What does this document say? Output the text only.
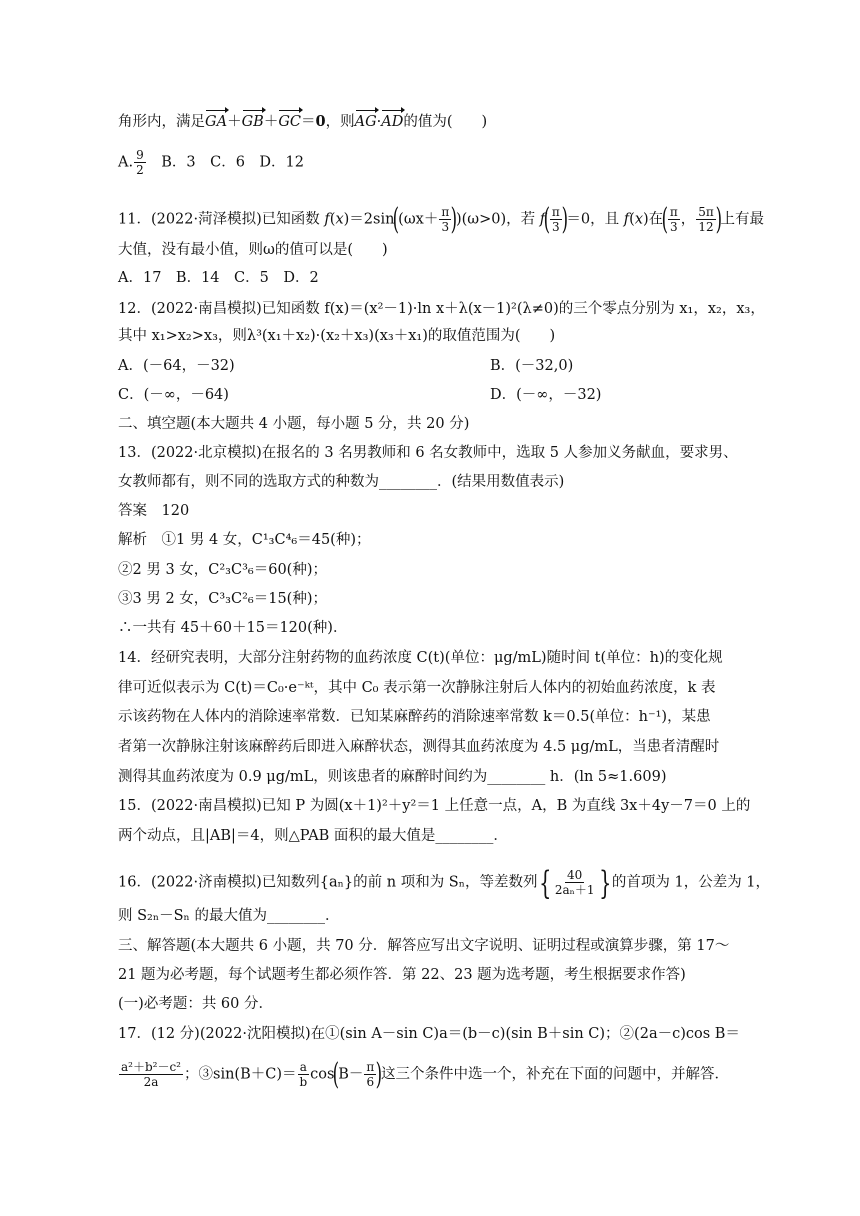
角形内，满足GA＋GB＋GC＝0，则AG·AD的值为(　　)
A. $\frac{9}{2}$ 　B．3　C．6　D．12
11．(2022·菏泽模拟)已知函数 $f(x)=2\sin((\omega x+ \frac{\pi}{3} ))(\omega>0)$，若 $f( \frac{\pi}{3} )=0$，且 f(x)在( $\frac{\pi}{3}$ ， $\frac{5\pi}{12}$ )上有最
大值，没有最小值，则ω的值可以是(　　)
A．17　B．14　C．5　D．2
12．(2022·南昌模拟)已知函数 f(x)＝(x²－1)·ln x＋λ(x－1)²(λ≠0)的三个零点分别为 x₁，x₂，x₃，
其中 x₁>x₂>x₃，则λ³(x₁＋x₂)·(x₂＋x₃)(x₃＋x₁)的取值范围为(　　)
A．(－64，－32)	B．(－32,0)
C．(－∞，－64)	D．(－∞，－32)
二、填空题(本大题共 4 小题，每小题 5 分，共 20 分)
13．(2022·北京模拟)在报名的 3 名男教师和 6 名女教师中，选取 5 人参加义务献血，要求男、
女教师都有，则不同的选取方式的种数为________．(结果用数值表示)
答案　120
解析　①1 男 4 女，C¹₃C⁴₆＝45(种)；
②2 男 3 女，C²₃C³₆＝60(种)；
③3 男 2 女，C³₃C²₆＝15(种)；
∴一共有 45＋60＋15＝120(种)．
14．经研究表明，大部分注射药物的血药浓度 C(t)(单位：μg/mL)随时间 t(单位：h)的变化规
律可近似表示为 C(t)＝C₀·e⁻ᵏᵗ，其中 C₀ 表示第一次静脉注射后人体内的初始血药浓度，k 表
示该药物在人体内的消除速率常数．已知某麻醉药的消除速率常数 k＝0.5(单位：h⁻¹)，某患
者第一次静脉注射该麻醉药后即进入麻醉状态，测得其血药浓度为 4.5 μg/mL，当患者清醒时
测得其血药浓度为 0.9 μg/mL，则该患者的麻醉时间约为________ h．(ln 5≈1.609)
15．(2022·南昌模拟)已知 P 为圆(x＋1)²＋y²＝1 上任意一点，A，B 为直线 3x＋4y－7＝0 上的
两个动点，且|AB|＝4，则△PAB 面积的最大值是________．
16．(2022·济南模拟)已知数列{aₙ}的前 n 项和为 Sₙ，等差数列{ $\frac{40}{\text{2aₙ＋1}}$ }的首项为 1，公差为 1，
则 S₂ₙ－Sₙ 的最大值为________．
三、解答题(本大题共 6 小题，共 70 分．解答应写出文字说明、证明过程或演算步骤，第 17～
21 题为必考题，每个试题考生都必须作答．第 22、23 题为选考题，考生根据要求作答)
(一)必考题：共 60 分．
17．(12 分)(2022·沈阳模拟)在①(sin A－sin C)a＝(b－c)(sin B＋sin C)；②(2a－c)cos B＝
$\frac{\text{a²＋b²－c²}}{2a}$ ；③sin(B＋C)＝ $\frac{a}{b} \cos(B- \frac{\pi}{6}$ )这三个条件中选一个，补充在下面的问题中，并解答．
